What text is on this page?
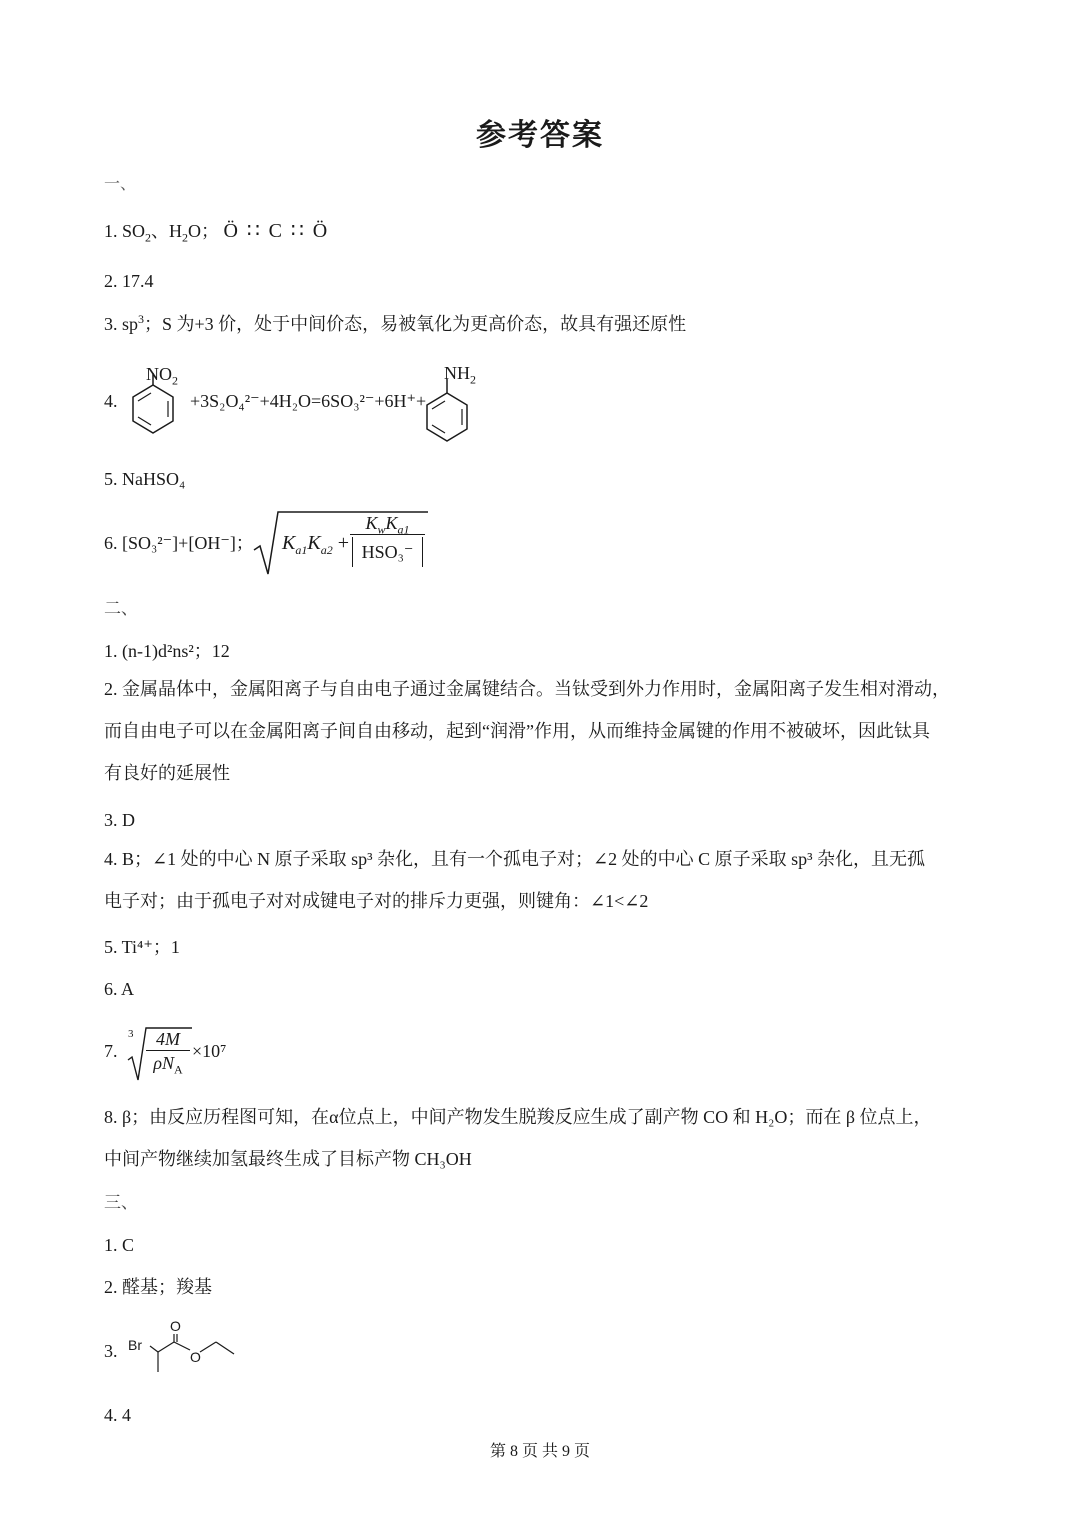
参考答案
一、
1. $SO_2$、$H_2O$； Ö ∷ C ∷ Ö
2. 17.4
3. $sp^3$；S 为+3 价，处于中间价态，易被氧化为更高价态，故具有强还原性
4.
$NO_2$
+3S₂O₄²⁻+4H₂O=6SO₃²⁻+6H⁺+
$NH_2$
5. NaHSO₄
6. [SO₃²⁻]+[OH⁻]； $K_{a1}K_{a2}$ +
$K_wK_{a1}$
HSO₃⁻
二、
1. (n-1)d²ns²；12
2. 金属晶体中，金属阳离子与自由电子通过金属键结合。当钛受到外力作用时，金属阳离子发生相对滑动，
而自由电子可以在金属阳离子间自由移动，起到“润滑”作用，从而维持金属键的作用不被破坏，因此钛具
有良好的延展性
3. D
4. B；∠1 处的中心 N 原子采取 sp³ 杂化，且有一个孤电子对；∠2 处的中心 C 原子采取 sp³ 杂化，且无孤
电子对；由于孤电子对对成键电子对的排斥力更强，则键角：∠1<∠2
5. Ti⁴⁺；1
6. A
7.
3	4M
$\rho N_A$
×10⁷
8. β；由反应历程图可知，在α位点上，中间产物发生脱羧反应生成了副产物 CO 和 H₂O；而在 β 位点上，
中间产物继续加氢最终生成了目标产物 CH₃OH
三、
1. C
2. 醛基；羧基
3. Br
O
O
4. 4
第 8 页 共 9 页
